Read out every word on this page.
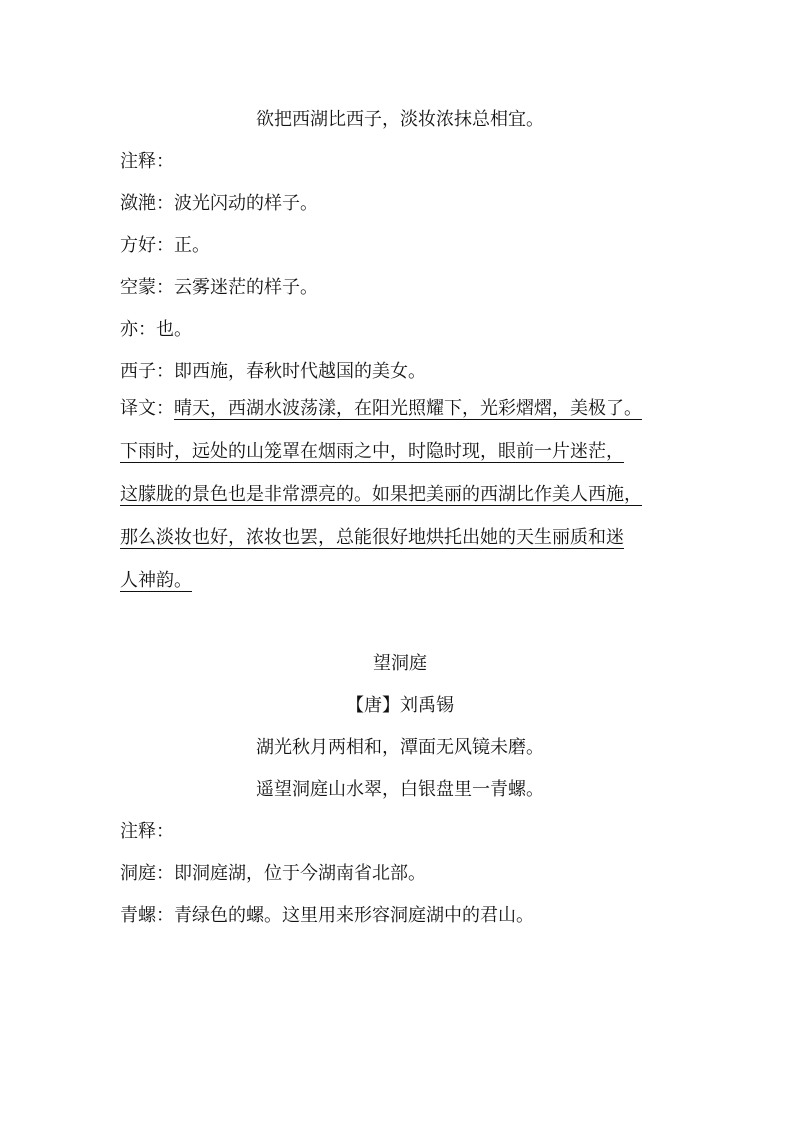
欲把西湖比西子，淡妆浓抹总相宜。
注释：
潋滟：波光闪动的样子。
方好：正。
空蒙：云雾迷茫的样子。
亦：也。
西子：即西施，春秋时代越国的美女。
译文：晴天，西湖水波荡漾，在阳光照耀下，光彩熠熠，美极了。
下雨时，远处的山笼罩在烟雨之中，时隐时现，眼前一片迷茫，
这朦胧的景色也是非常漂亮的。如果把美丽的西湖比作美人西施，
那么淡妆也好，浓妆也罢，总能很好地烘托出她的天生丽质和迷
人神韵。
望洞庭
【唐】刘禹锡
湖光秋月两相和，潭面无风镜未磨。
遥望洞庭山水翠，白银盘里一青螺。
注释：
洞庭：即洞庭湖，位于今湖南省北部。
青螺：青绿色的螺。这里用来形容洞庭湖中的君山。
